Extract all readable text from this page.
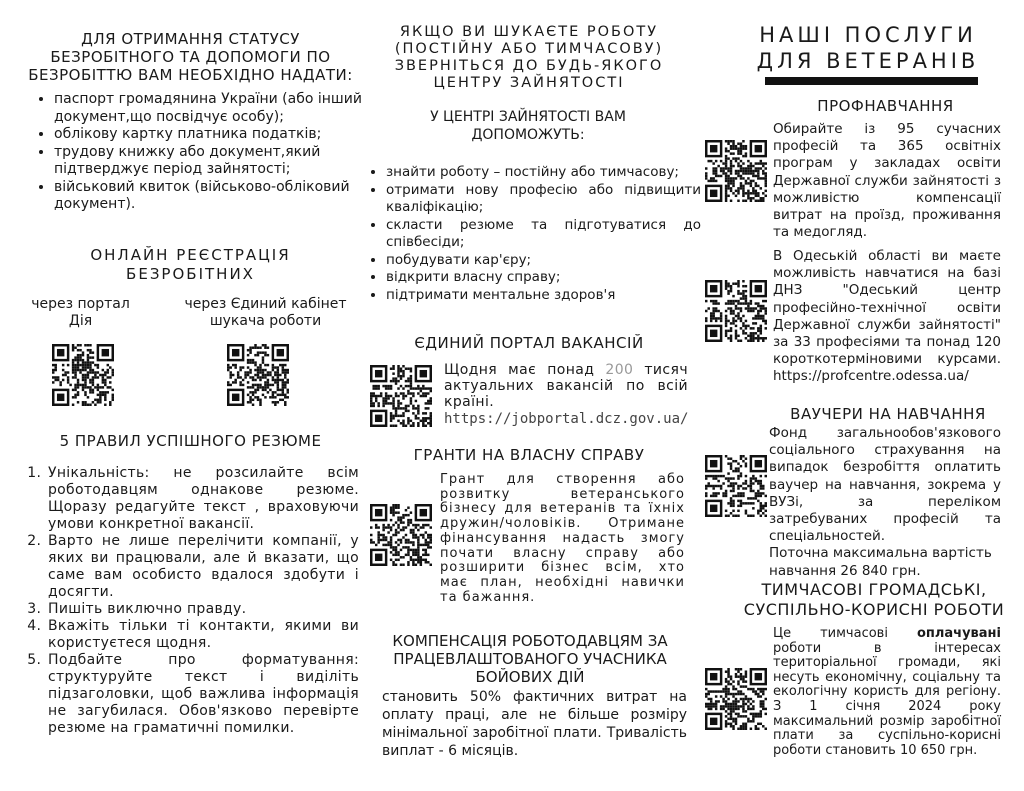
ДЛЯ ОТРИМАННЯ СТАТУСУ БЕЗРОБІТНОГО ТА ДОПОМОГИ ПО БЕЗРОБІТТЮ ВАМ НЕОБХІДНО НАДАТИ:

• паспорт громадянина України (або інший документ,що посвідчує особу);
• облікову картку платника податків;
• трудову книжку або документ,який підтверджує період зайнятості;
• військовий квиток (військово-обліковий документ).

ОНЛАЙН РЕЄСТРАЦІЯ БЕЗРОБІТНИХ

через портал Дія
через Єдиний кабінет шукача роботи

5 ПРАВИЛ УСПІШНОГО РЕЗЮМЕ

1. Унікальність: не розсилайте всім роботодавцям однакове резюме. Щоразу редагуйте текст , враховуючи умови конкретної вакансії.
2. Варто не лише перелічити компанії, у яких ви працювали, але й вказати, що саме вам особисто вдалося здобути і досягти.
3. Пишіть виключно правду.
4. Вкажіть тільки ті контакти, якими ви користуєтеся щодня.
5. Подбайте про форматування: структуруйте текст і виділіть підзаголовки, щоб важлива інформація не загубилася. Обов'язково перевірте резюме на граматичні помилки.

ЯКЩО ВИ ШУКАЄТЕ РОБОТУ (ПОСТІЙНУ АБО ТИМЧАСОВУ) ЗВЕРНІТЬСЯ ДО БУДЬ-ЯКОГО ЦЕНТРУ ЗАЙНЯТОСТІ

У ЦЕНТРІ ЗАЙНЯТОСТІ ВАМ ДОПОМОЖУТЬ:

• знайти роботу – постійну або тимчасову;
• отримати нову професію або підвищити кваліфікацію;
• скласти резюме та підготуватися до співбесіди;
• побудувати кар'єру;
• відкрити власну справу;
• підтримати ментальне здоров'я

ЄДИНИЙ ПОРТАЛ ВАКАНСІЙ

Щодня має понад 200 тисяч актуальних вакансій по всій країні.
https://jobportal.dcz.gov.ua/

ГРАНТИ НА ВЛАСНУ СПРАВУ

Грант для створення або розвитку ветеранського бізнесу для ветеранів та їхніх дружин/чоловіків. Отримане фінансування надасть змогу почати власну справу або розширити бізнес всім, хто має план, необхідні навички та бажання.

КОМПЕНСАЦІЯ РОБОТОДАВЦЯМ ЗА ПРАЦЕВЛАШТОВАНОГО УЧАСНИКА БОЙОВИХ ДІЙ

становить 50% фактичних витрат на оплату праці, але не більше розміру мінімальної заробітної плати. Тривалість виплат - 6 місяців.

НАШІ ПОСЛУГИ ДЛЯ ВЕТЕРАНІВ

ПРОФНАВЧАННЯ

Обирайте із 95 сучасних професій та 365 освітніх програм у закладах освіти Державної служби зайнятості з можливістю компенсації витрат на проїзд, проживання та медогляд.
В Одеській області ви маєте можливість навчатися на базі ДНЗ "Одеський центр професійно-технічної освіти Державної служби зайнятості" за 33 професіями та понад 120 короткотерміновими курсами. https://profcentre.odessa.ua/

ВАУЧЕРИ НА НАВЧАННЯ

Фонд загальнообов'язкового соціального страхування на випадок безробіття оплатить ваучер на навчання, зокрема у ВУЗі, за переліком затребуваних професій та спеціальностей.
Поточна максимальна вартість навчання 26 840 грн.

ТИМЧАСОВІ ГРОМАДСЬКІ, СУСПІЛЬНО-КОРИСНІ РОБОТИ

Це тимчасові оплачувані роботи в інтересах територіальної громади, які несуть економічну, соціальну та екологічну користь для регіону. З 1 січня 2024 року максимальний розмір заробітної плати за суспільно-корисні роботи становить 10 650 грн.
